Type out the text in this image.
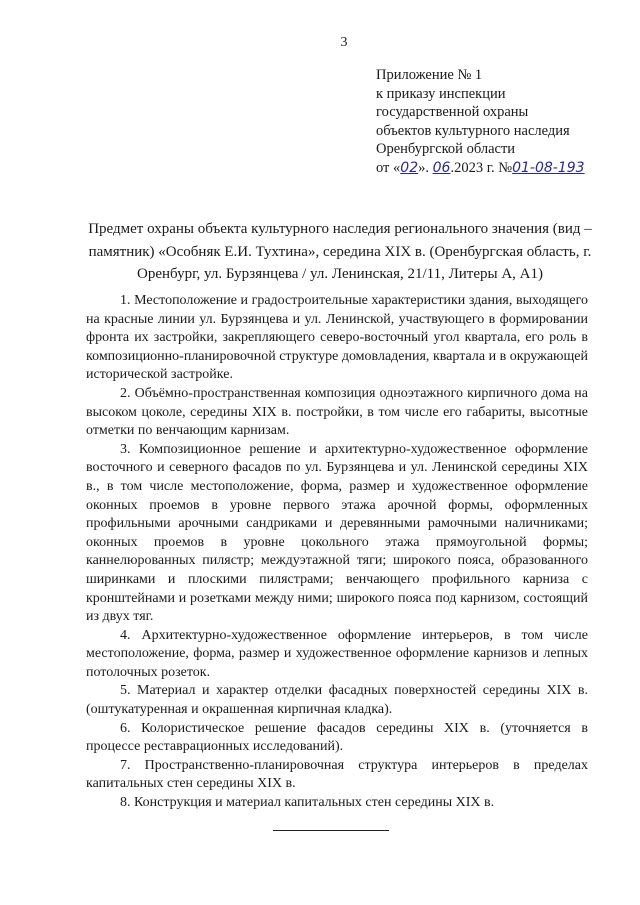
3
Приложение № 1
к приказу инспекции
государственной охраны
объектов культурного наследия
Оренбургской области
от «02». 06.2023 г. №01-08-193
Предмет охраны объекта культурного наследия регионального значения (вид – памятник) «Особняк Е.И. Тухтина», середина XIX в. (Оренбургская область, г. Оренбург, ул. Бурзянцева / ул. Ленинская, 21/11, Литеры А, А1)

1. Местоположение и градостроительные характеристики здания, выходящего на красные линии ул. Бурзянцева и ул. Ленинской, участвующего в формировании фронта их застройки, закрепляющего северо-восточный угол квартала, его роль в композиционно-планировочной структуре домовладения, квартала и в окружающей исторической застройке.

2. Объёмно-пространственная композиция одноэтажного кирпичного дома на высоком цоколе, середины XIX в. постройки, в том числе его габариты, высотные отметки по венчающим карнизам.

3. Композиционное решение и архитектурно-художественное оформление восточного и северного фасадов по ул. Бурзянцева и ул. Ленинской середины XIX в., в том числе местоположение, форма, размер и художественное оформление оконных проемов в уровне первого этажа арочной формы, оформленных профильными арочными сандриками и деревянными рамочными наличниками; оконных проемов в уровне цокольного этажа прямоугольной формы; каннелюрованных пилястр; междуэтажной тяги; широкого пояса, образованного ширинками и плоскими пилястрами; венчающего профильного карниза с кронштейнами и розетками между ними; широкого пояса под карнизом, состоящий из двух тяг.

4. Архитектурно-художественное оформление интерьеров, в том числе местоположение, форма, размер и художественное оформление карнизов и лепных потолочных розеток.

5. Материал и характер отделки фасадных поверхностей середины XIX в. (оштукатуренная и окрашенная кирпичная кладка).

6. Колористическое решение фасадов середины XIX в. (уточняется в процессе реставрационных исследований).

7. Пространственно-планировочная структура интерьеров в пределах капитальных стен середины XIX в.

8. Конструкция и материал капитальных стен середины XIX в.
